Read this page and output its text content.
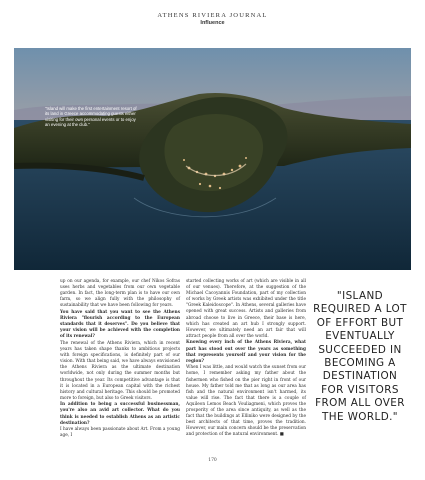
ATHENS RIVIERA JOURNAL
Influence
"Island will make the first entertainment resort of its land in Greece accommodating guests either visiting for their own personal events or to enjoy an evening at the club."

up on our agenda, for example, our chef Nikos Sofras uses herbs and vegetables from our own vegetable garden. In fact, the long-term plan is to have our own farm, so we align fully with the philosophy of sustainability that we have been following for years.

You have said that you want to see the Athens Riviera "flourish according to the European standards that it deserves". Do you believe that your vision will be achieved with the completion of its renewal?

The renewal of the Athens Riviera, which in recent years has taken shape thanks to ambitious projects with foreign specifications, is definitely part of our vision. With that being said, we have always envisioned the Athens Riviera as the ultimate destination worldwide, not only during the summer months but throughout the year. Its competitive advantage is that it is located in a European capital with the richest history and cultural heritage. This should be promoted more to foreign, but also to Greek visitors.

In addition to being a successful businessman, you're also an avid art collector. What do you think is needed to establish Athens as an artistic destination?

I have always been passionate about Art. From a young age, I

started collecting works of art (which are visible in all of our venues). Therefore, at the suggestion of the Michael Cacoyannis Foundation, part of my collection of works by Greek artists was exhibited under the title "Greek Kaleidoscope". In Athens, several galleries have opened with great success. Artists and galleries from abroad choose to live in Greece, their base is here, which has created an art hub I strongly support. However, we ultimately need an art fair that will attract people from all over the world.

Knowing every inch of the Athens Riviera, what part has stood out over the years as something that represents yourself and your vision for the region?

When I was little, and would watch the sunset from our home, I remember asking my father about the fishermen who fished on the pier right in front of our house. My father told me that as long as our area has fish and the natural environment isn't harmed, its value will rise. The fact that there is a couple of Aquileon Lemos Beach Vouliagmeni, which proves the prosperity of the area since antiquity, as well as the fact that the buildings at Elliniko were designed by the best architects of that time, proves the tradition. However, our main concern should be the preservation and protection of the natural environment. ■

"ISLAND REQUIRED A LOT OF EFFORT BUT EVENTUALLY SUCCEEDED IN BECOMING A DESTINATION FOR VISITORS FROM ALL OVER THE WORLD."
170
